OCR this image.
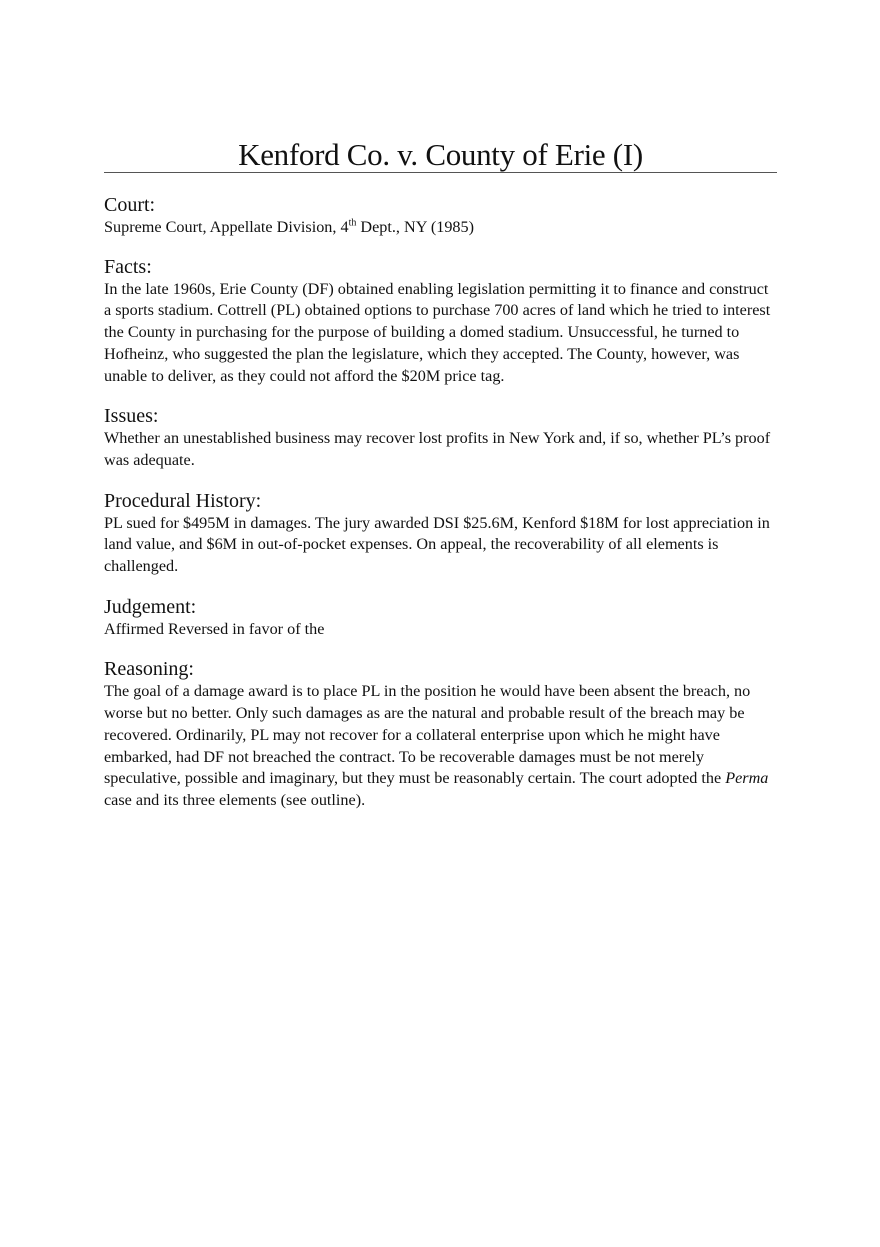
Kenford Co. v. County of Erie (I)
Court:
Supreme Court, Appellate Division, 4th Dept., NY (1985)
Facts:
In the late 1960s, Erie County (DF) obtained enabling legislation permitting it to finance and construct a sports stadium. Cottrell (PL) obtained options to purchase 700 acres of land which he tried to interest the County in purchasing for the purpose of building a domed stadium. Unsuccessful, he turned to Hofheinz, who suggested the plan the legislature, which they accepted. The County, however, was unable to deliver, as they could not afford the $20M price tag.
Issues:
Whether an unestablished business may recover lost profits in New York and, if so, whether PL’s proof was adequate.
Procedural History:
PL sued for $495M in damages. The jury awarded DSI $25.6M, Kenford $18M for lost appreciation in land value, and $6M in out-of-pocket expenses. On appeal, the recoverability of all elements is challenged.
Judgement:
Affirmed Reversed in favor of the
Reasoning:
The goal of a damage award is to place PL in the position he would have been absent the breach, no worse but no better. Only such damages as are the natural and probable result of the breach may be recovered. Ordinarily, PL may not recover for a collateral enterprise upon which he might have embarked, had DF not breached the contract. To be recoverable damages must be not merely speculative, possible and imaginary, but they must be reasonably certain. The court adopted the Perma case and its three elements (see outline).
